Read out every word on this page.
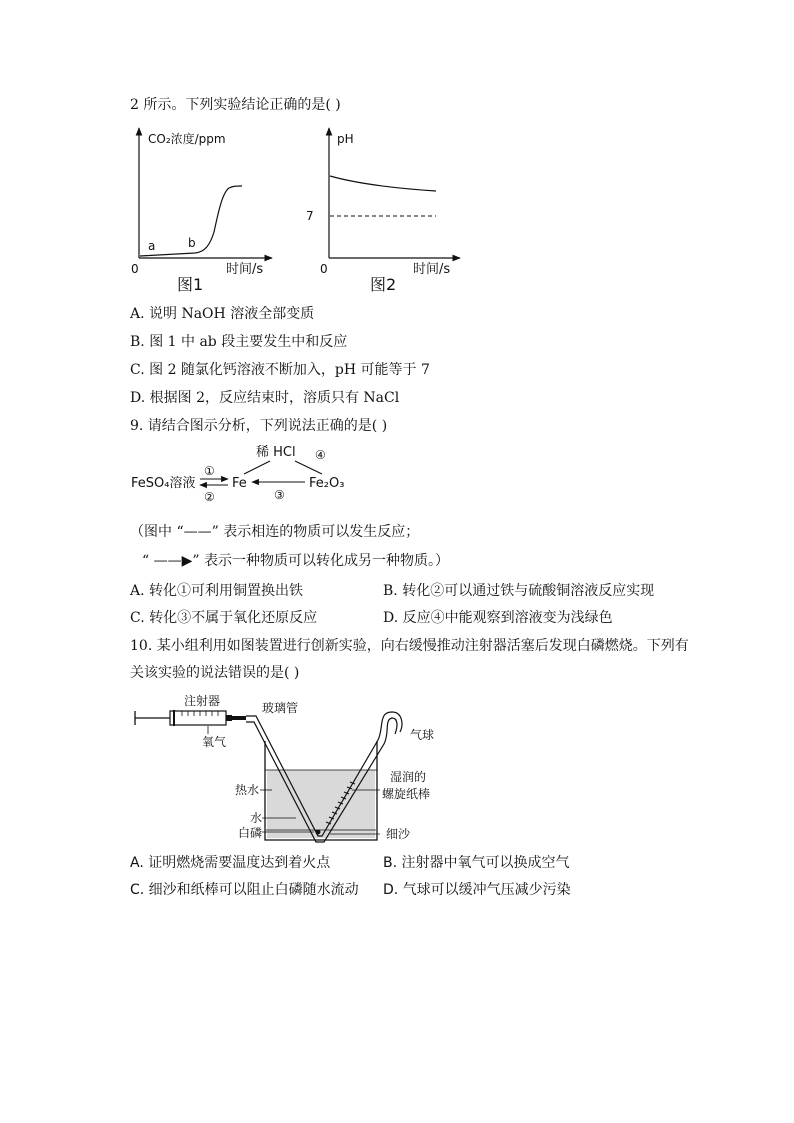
2 所示。下列实验结论正确的是( )
CO₂浓度/ppm
a	b
0	时间/s
图1
pH
7
0	时间/s
图2
A. 说明 NaOH 溶液全部变质
B. 图 1 中 ab 段主要发生中和反应
C. 图 2 随氯化钙溶液不断加入，pH 可能等于 7
D. 根据图 2，反应结束时，溶质只有 NaCl
9. 请结合图示分析，下列说法正确的是( )
稀 HCl
FeSO₄溶液	Fe	Fe₂O₃
①
②	③
④
（图中 “——” 表示相连的物质可以发生反应；
“ ——▶” 表示一种物质可以转化成另一种物质。）
A. 转化①可利用铜置换出铁	B. 转化②可以通过铁与硫酸铜溶液反应实现
C. 转化③不属于氧化还原反应	D. 反应④中能观察到溶液变为浅绿色
10. 某小组利用如图装置进行创新实验，向右缓慢推动注射器活塞后发现白磷燃烧。下列有
关该实验的说法错误的是( )
注射器
氧气
玻璃管
气球
热水
水
白磷
湿润的
螺旋纸棒
细沙
A. 证明燃烧需要温度达到着火点	B. 注射器中氧气可以换成空气
C. 细沙和纸棒可以阻止白磷随水流动 D. 气球可以缓冲气压减少污染
